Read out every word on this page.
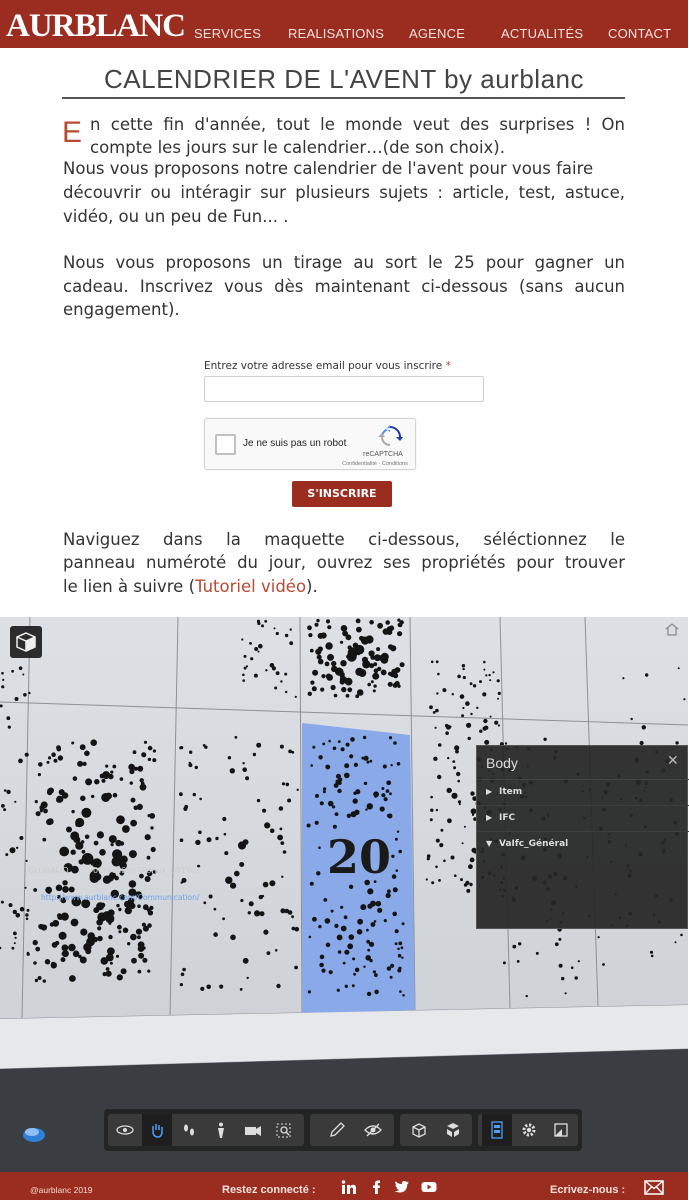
AURBLANC SERVICES REALISATIONS AGENCE	ACTUALITÉS CONTACT
CALENDRIER DE L'AVENT by aurblanc
E n cette fin d'année, tout le monde veut des surprises ! On
compte les jours sur le calendrier…(de son choix).
Nous vous proposons notre calendrier de l'avent pour vous faire
découvrir ou intéragir sur plusieurs sujets : article, test, astuce,
vidéo, ou un peu de Fun... .
Nous vous proposons un tirage au sort le 25 pour gagner un
cadeau. Inscrivez vous dès maintenant ci-dessous (sans aucun
engagement).
Entrez votre adresse email pour vous inscrire *
Je ne suis pas un robot
reCAPTCHA
Confidentialité - Conditions
S'INSCRIRE
Naviguez dans la maquette ci-dessous, séléctionnez le
panneau numéroté du jour, ouvrez ses propriétés pour trouver
le lien à suivre (Tutoriel vidéo).
20
Body	✕
▶ Item
▶ IFC
▼ VaIfc_Général
GLOBALID	00r4cu65n7P8hux_U8TYcT
... http://www.aurblanc.com/Communication/
@aurblanc 2019	Restez connecté :	Ecrivez-nous :
